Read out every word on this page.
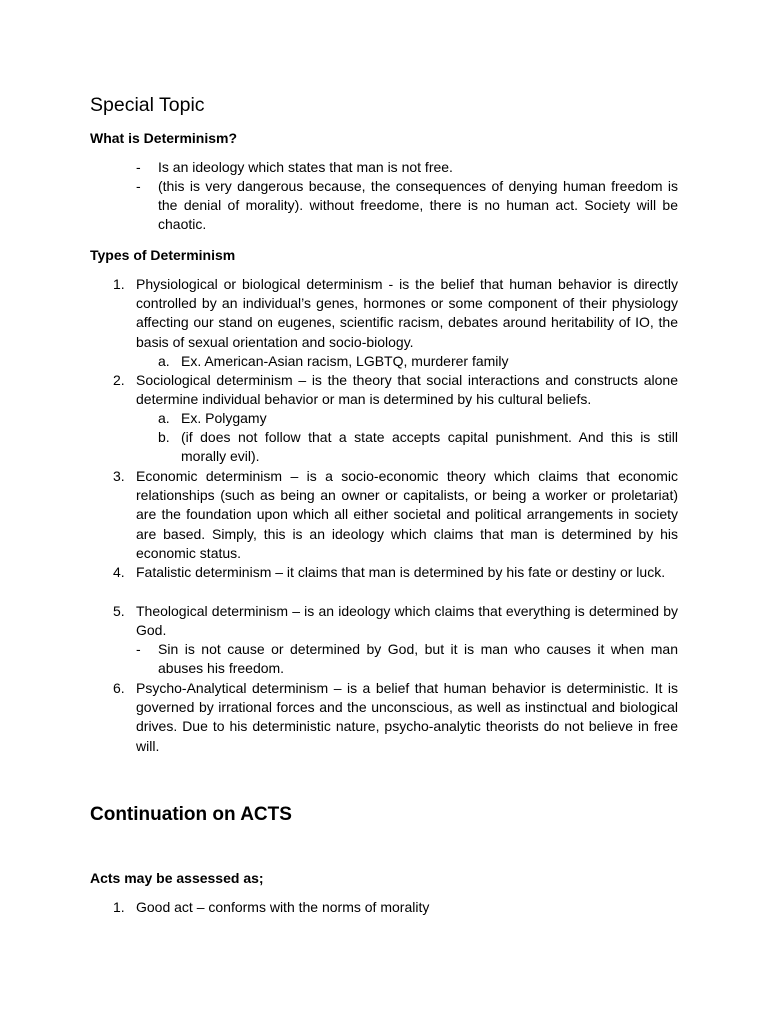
Special Topic
What is Determinism?
- Is an ideology which states that man is not free.
- (this is very dangerous because, the consequences of denying human freedom is the denial of morality). without freedome, there is no human act. Society will be chaotic.
Types of Determinism
1. Physiological or biological determinism - is the belief that human behavior is directly controlled by an individual’s genes, hormones or some component of their physiology affecting our stand on eugenes, scientific racism, debates around heritability of IO, the basis of sexual orientation and socio-biology.
a. Ex. American-Asian racism, LGBTQ, murderer family
2. Sociological determinism – is the theory that social interactions and constructs alone determine individual behavior or man is determined by his cultural beliefs.
a. Ex. Polygamy
b. (if does not follow that a state accepts capital punishment. And this is still morally evil).
3. Economic determinism – is a socio-economic theory which claims that economic relationships (such as being an owner or capitalists, or being a worker or proletariat) are the foundation upon which all either societal and political arrangements in society are based. Simply, this is an ideology which claims that man is determined by his economic status.
4. Fatalistic determinism – it claims that man is determined by his fate or destiny or luck.
5. Theological determinism – is an ideology which claims that everything is determined by God.
- Sin is not cause or determined by God, but it is man who causes it when man abuses his freedom.
6. Psycho-Analytical determinism – is a belief that human behavior is deterministic. It is governed by irrational forces and the unconscious, as well as instinctual and biological drives. Due to his deterministic nature, psycho-analytic theorists do not believe in free will.
Continuation on ACTS
Acts may be assessed as;
1. Good act – conforms with the norms of morality
